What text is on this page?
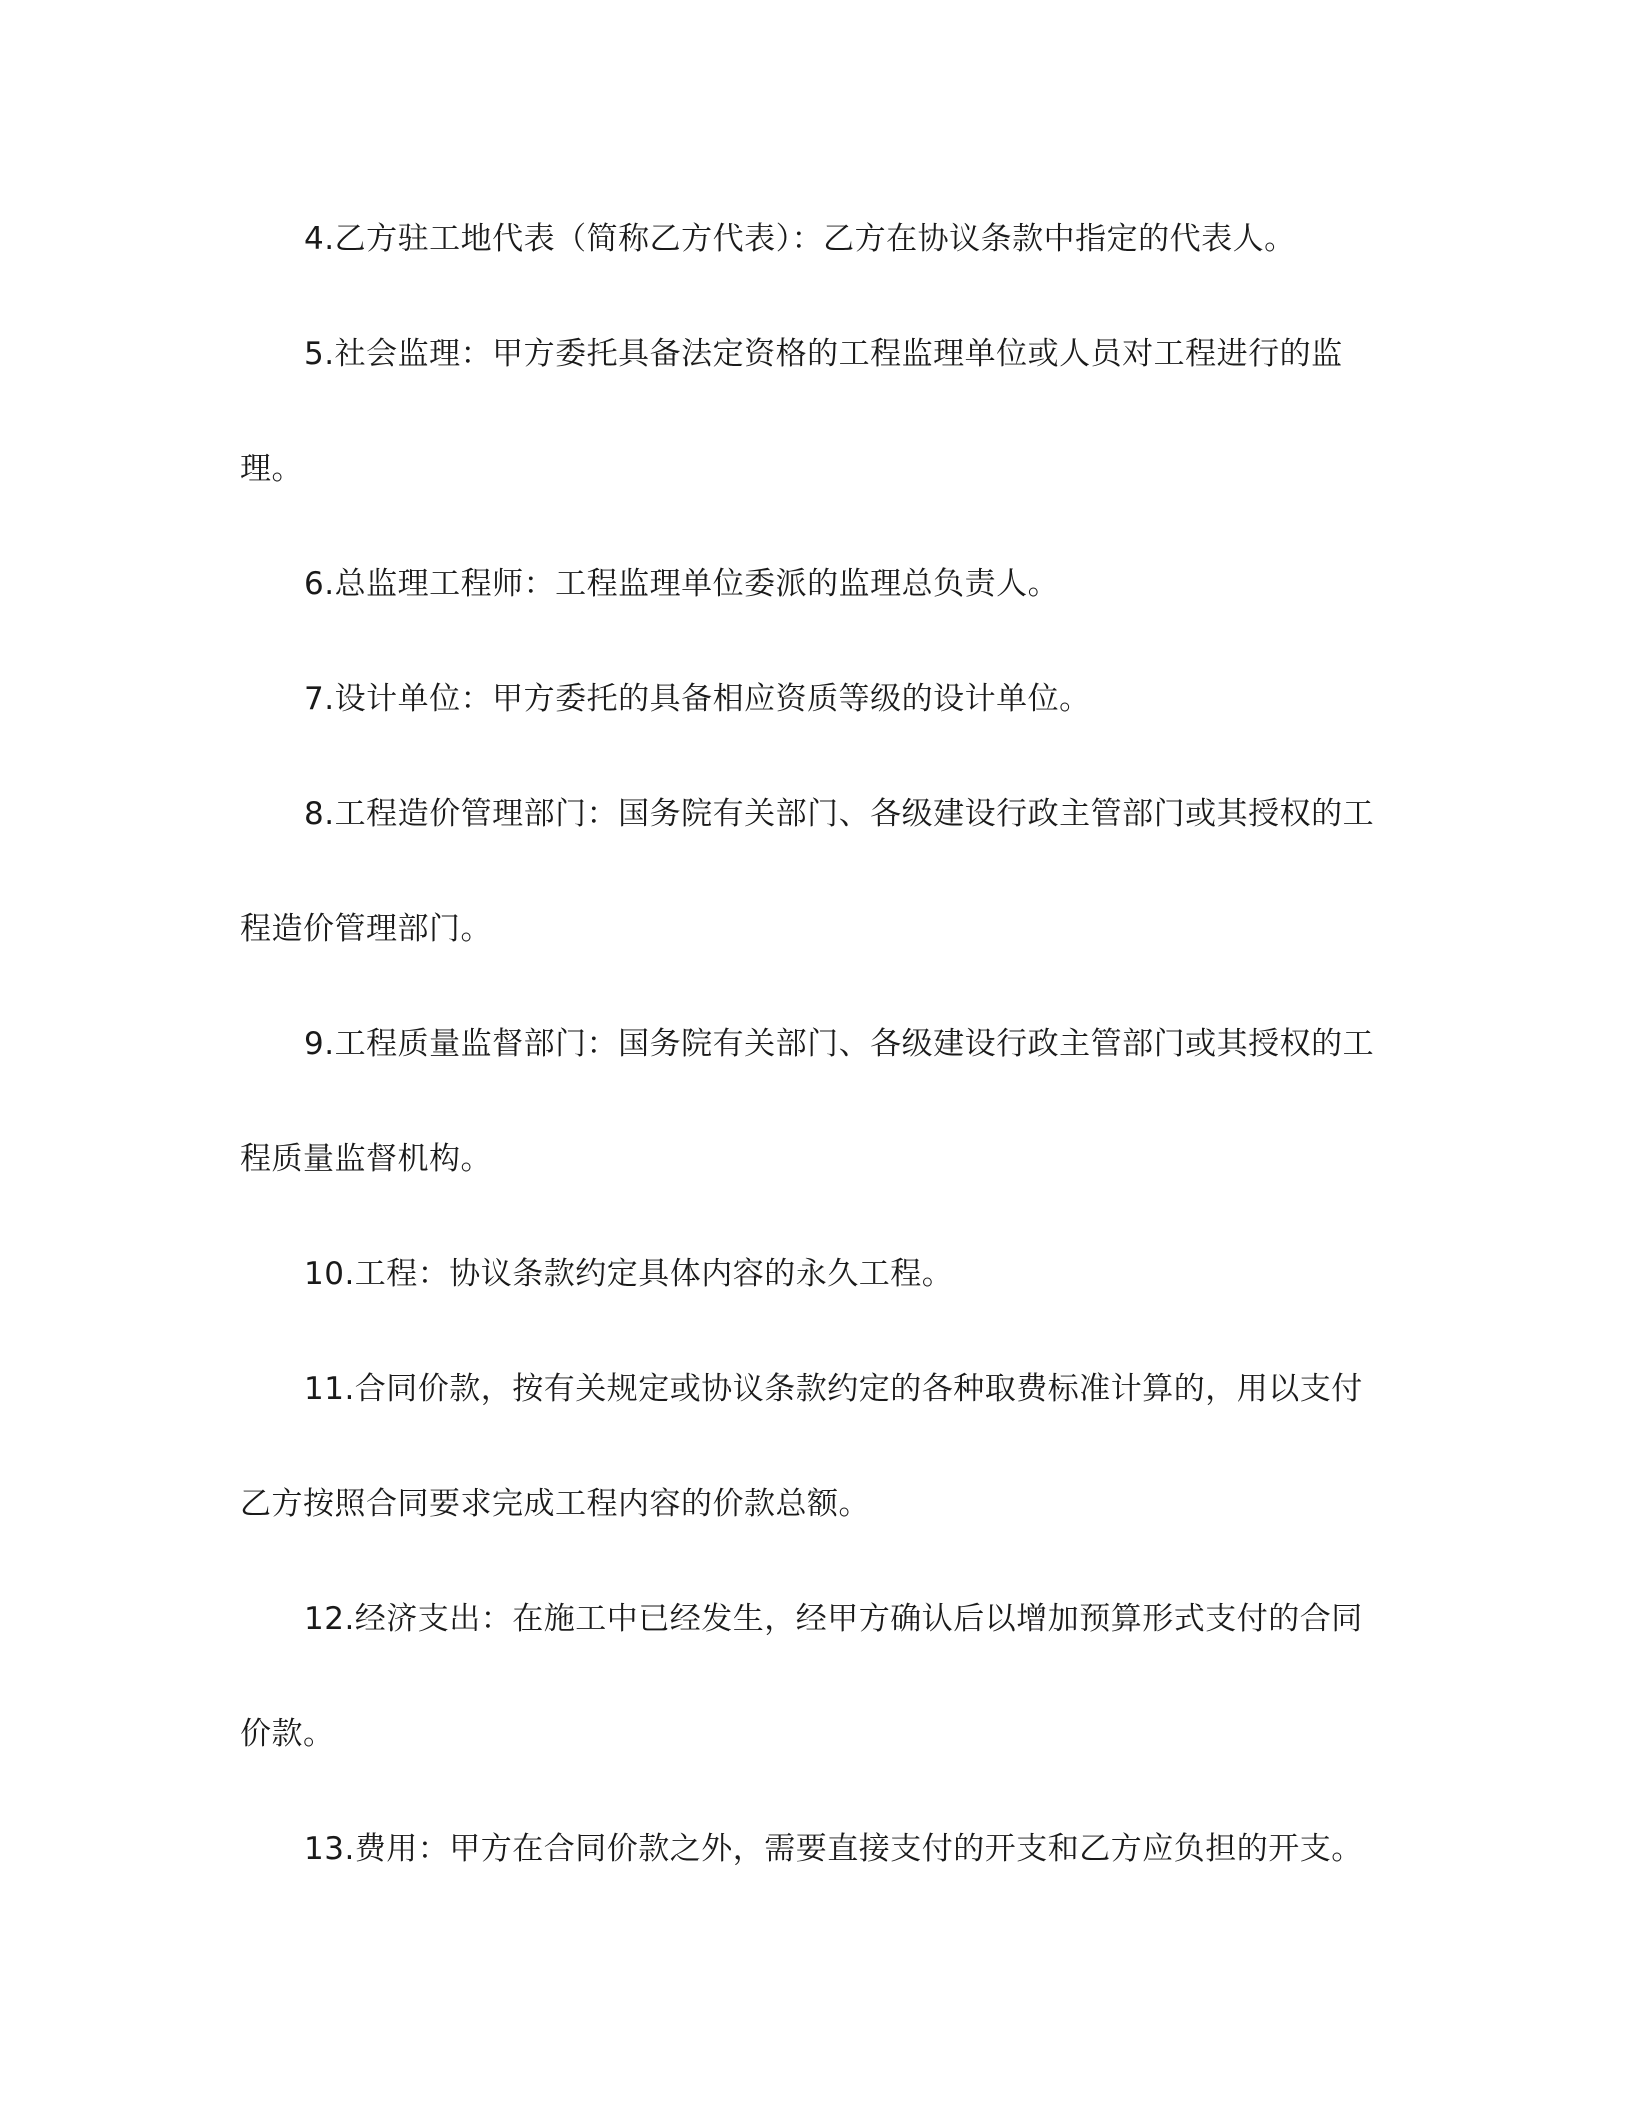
4.乙方驻工地代表（简称乙方代表）：乙方在协议条款中指定的代表人。

5.社会监理：甲方委托具备法定资格的工程监理单位或人员对工程进行的监理。

6.总监理工程师：工程监理单位委派的监理总负责人。

7.设计单位：甲方委托的具备相应资质等级的设计单位。

8.工程造价管理部门：国务院有关部门、各级建设行政主管部门或其授权的工程造价管理部门。

9.工程质量监督部门：国务院有关部门、各级建设行政主管部门或其授权的工程质量监督机构。

10.工程：协议条款约定具体内容的永久工程。

11.合同价款，按有关规定或协议条款约定的各种取费标准计算的，用以支付乙方按照合同要求完成工程内容的价款总额。

12.经济支出：在施工中已经发生，经甲方确认后以增加预算形式支付的合同价款。

13.费用：甲方在合同价款之外，需要直接支付的开支和乙方应负担的开支。
